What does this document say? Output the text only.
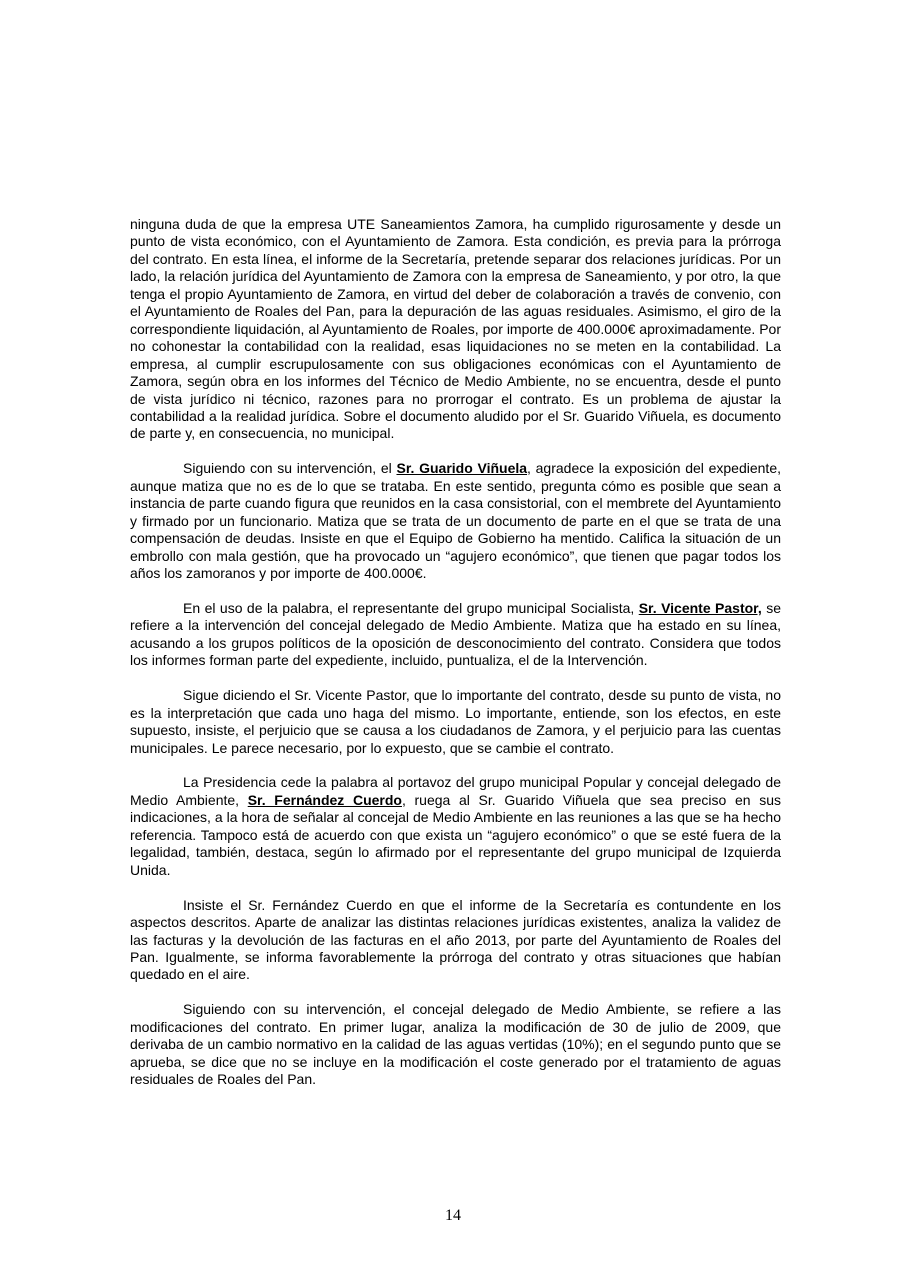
ninguna duda de que la empresa UTE Saneamientos Zamora, ha cumplido rigurosamente y desde un punto de vista económico, con el Ayuntamiento de Zamora. Esta condición, es previa para la prórroga del contrato. En esta línea, el informe de la Secretaría, pretende separar dos relaciones jurídicas. Por un lado, la relación jurídica del Ayuntamiento de Zamora con la empresa de Saneamiento, y por otro, la que tenga el propio Ayuntamiento de Zamora, en virtud del deber de colaboración a través de convenio, con el Ayuntamiento de Roales del Pan, para la depuración de las aguas residuales. Asimismo, el giro de la correspondiente liquidación, al Ayuntamiento de Roales, por importe de 400.000€ aproximadamente. Por no cohonestar la contabilidad con la realidad, esas liquidaciones no se meten en la contabilidad. La empresa, al cumplir escrupulosamente con sus obligaciones económicas con el Ayuntamiento de Zamora, según obra en los informes del Técnico de Medio Ambiente, no se encuentra, desde el punto de vista jurídico ni técnico, razones para no prorrogar el contrato. Es un problema de ajustar la contabilidad a la realidad jurídica. Sobre el documento aludido por el Sr. Guarido Viñuela, es documento de parte y, en consecuencia, no municipal.

Siguiendo con su intervención, el Sr. Guarido Viñuela, agradece la exposición del expediente, aunque matiza que no es de lo que se trataba. En este sentido, pregunta cómo es posible que sean a instancia de parte cuando figura que reunidos en la casa consistorial, con el membrete del Ayuntamiento y firmado por un funcionario. Matiza que se trata de un documento de parte en el que se trata de una compensación de deudas. Insiste en que el Equipo de Gobierno ha mentido. Califica la situación de un embrollo con mala gestión, que ha provocado un “agujero económico”, que tienen que pagar todos los años los zamoranos y por importe de 400.000€.

En el uso de la palabra, el representante del grupo municipal Socialista, Sr. Vicente Pastor, se refiere a la intervención del concejal delegado de Medio Ambiente. Matiza que ha estado en su línea, acusando a los grupos políticos de la oposición de desconocimiento del contrato. Considera que todos los informes forman parte del expediente, incluido, puntualiza, el de la Intervención.

Sigue diciendo el Sr. Vicente Pastor, que lo importante del contrato, desde su punto de vista, no es la interpretación que cada uno haga del mismo. Lo importante, entiende, son los efectos, en este supuesto, insiste, el perjuicio que se causa a los ciudadanos de Zamora, y el perjuicio para las cuentas municipales. Le parece necesario, por lo expuesto, que se cambie el contrato.

La Presidencia cede la palabra al portavoz del grupo municipal Popular y concejal delegado de Medio Ambiente, Sr. Fernández Cuerdo, ruega al Sr. Guarido Viñuela que sea preciso en sus indicaciones, a la hora de señalar al concejal de Medio Ambiente en las reuniones a las que se ha hecho referencia. Tampoco está de acuerdo con que exista un “agujero económico” o que se esté fuera de la legalidad, también, destaca, según lo afirmado por el representante del grupo municipal de Izquierda Unida.

Insiste el Sr. Fernández Cuerdo en que el informe de la Secretaría es contundente en los aspectos descritos. Aparte de analizar las distintas relaciones jurídicas existentes, analiza la validez de las facturas y la devolución de las facturas en el año 2013, por parte del Ayuntamiento de Roales del Pan. Igualmente, se informa favorablemente la prórroga del contrato y otras situaciones que habían quedado en el aire.

Siguiendo con su intervención, el concejal delegado de Medio Ambiente, se refiere a las modificaciones del contrato. En primer lugar, analiza la modificación de 30 de julio de 2009, que derivaba de un cambio normativo en la calidad de las aguas vertidas (10%); en el segundo punto que se aprueba, se dice que no se incluye en la modificación el coste generado por el tratamiento de aguas residuales de Roales del Pan.

14
